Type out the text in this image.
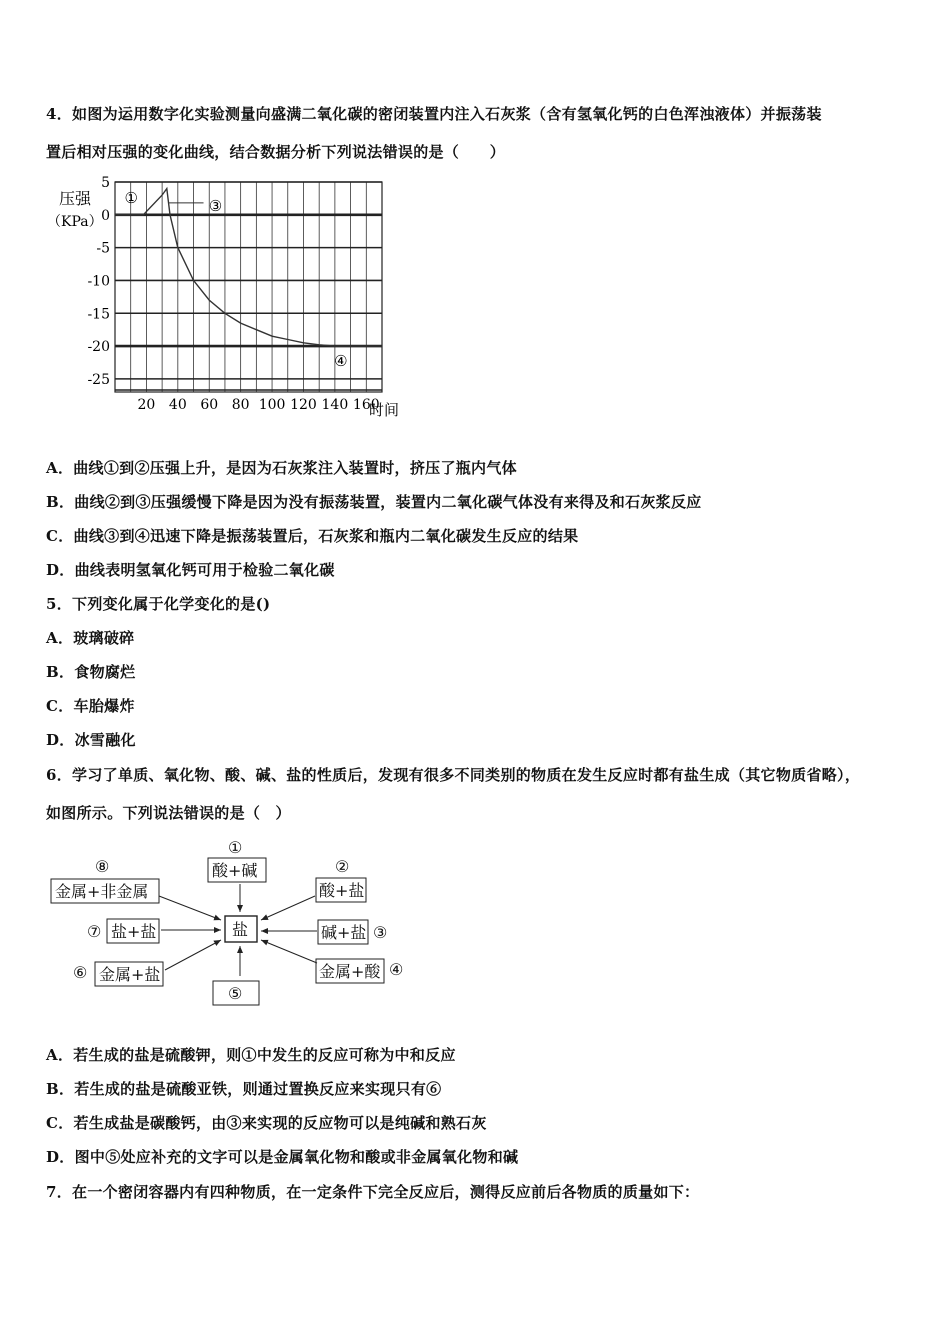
4．如图为运用数字化实验测量向盛满二氧化碳的密闭装置内注入石灰浆（含有氢氧化钙的白色浑浊液体）并振荡装
置后相对压强的变化曲线，结合数据分析下列说法错误的是（　　）
压强
（KPa）
时间
5
0
-5
-10
-15
-20
-25
20 40 60 80 100 120 140 160
①	③
④
A．曲线①到②压强上升，是因为石灰浆注入装置时，挤压了瓶内气体
B．曲线②到③压强缓慢下降是因为没有振荡装置，装置内二氧化碳气体没有来得及和石灰浆反应
C．曲线③到④迅速下降是振荡装置后，石灰浆和瓶内二氧化碳发生反应的结果
D．曲线表明氢氧化钙可用于检验二氧化碳
5．下列变化属于化学变化的是()
A．玻璃破碎
B．食物腐烂
C．车胎爆炸
D．冰雪融化
6．学习了单质、氧化物、酸、碱、盐的性质后，发现有很多不同类别的物质在发生反应时都有盐生成（其它物质省略），
如图所示。下列说法错误的是（　）
盐
①
酸+碱	②
酸+盐
碱+盐 ③
金属+酸 ④
⑤
⑥ 金属+盐
⑦ 盐+盐
⑧
金属+非金属
A．若生成的盐是硫酸钾，则①中发生的反应可称为中和反应
B．若生成的盐是硫酸亚铁，则通过置换反应来实现只有⑥
C．若生成盐是碳酸钙，由③来实现的反应物可以是纯碱和熟石灰
D．图中⑤处应补充的文字可以是金属氧化物和酸或非金属氧化物和碱
7．在一个密闭容器内有四种物质，在一定条件下完全反应后，测得反应前后各物质的质量如下：
